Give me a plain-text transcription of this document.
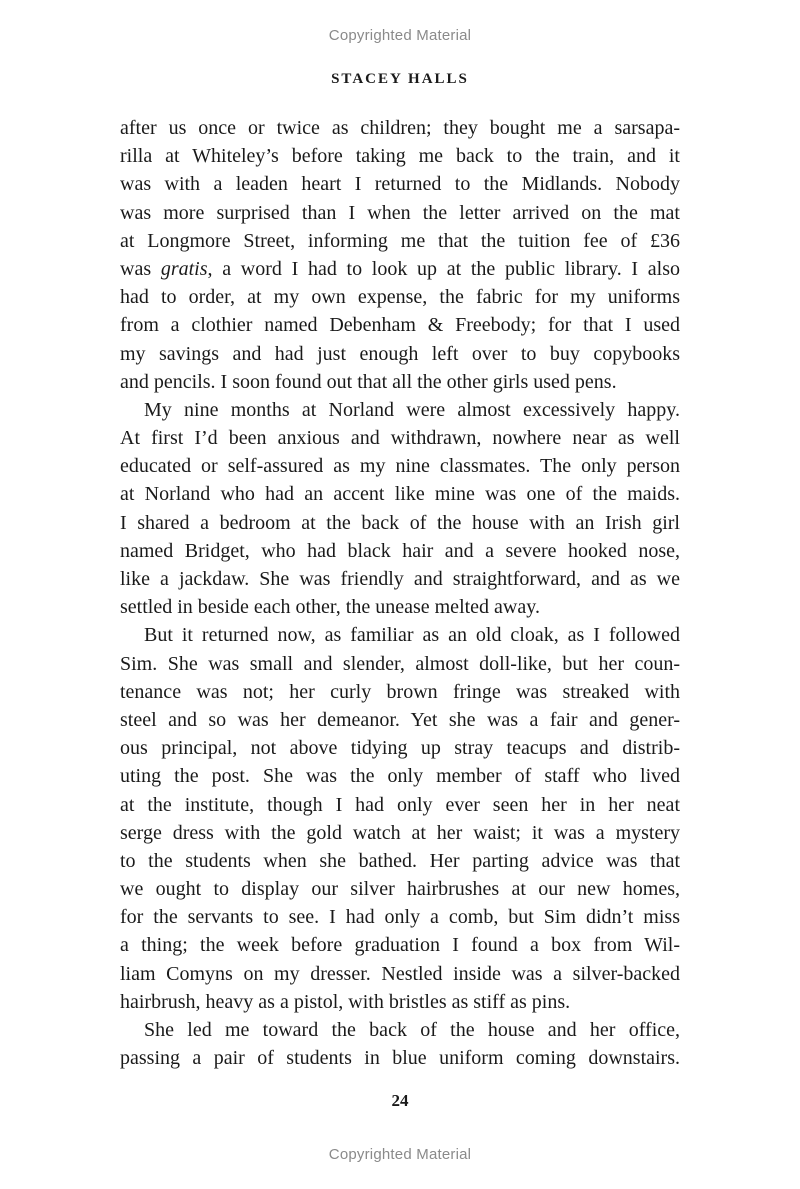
Copyrighted Material
STACEY HALLS
after us once or twice as children; they bought me a sarsapa-
rilla at Whiteley’s before taking me back to the train, and it
was with a leaden heart I returned to the Midlands. Nobody
was more surprised than I when the letter arrived on the mat
at Longmore Street, informing me that the tuition fee of £36
was gratis, a word I had to look up at the public library. I also
had to order, at my own expense, the fabric for my uniforms
from a clothier named Debenham & Freebody; for that I used
my savings and had just enough left over to buy copybooks
and pencils. I soon found out that all the other girls used pens.
My nine months at Norland were almost excessively happy.
At first I’d been anxious and withdrawn, nowhere near as well
educated or self-assured as my nine classmates. The only person
at Norland who had an accent like mine was one of the maids.
I shared a bedroom at the back of the house with an Irish girl
named Bridget, who had black hair and a severe hooked nose,
like a jackdaw. She was friendly and straightforward, and as we
settled in beside each other, the unease melted away.
But it returned now, as familiar as an old cloak, as I followed
Sim. She was small and slender, almost doll-like, but her coun-
tenance was not; her curly brown fringe was streaked with
steel and so was her demeanor. Yet she was a fair and gener-
ous principal, not above tidying up stray teacups and distrib-
uting the post. She was the only member of staff who lived
at the institute, though I had only ever seen her in her neat
serge dress with the gold watch at her waist; it was a mystery
to the students when she bathed. Her parting advice was that
we ought to display our silver hairbrushes at our new homes,
for the servants to see. I had only a comb, but Sim didn’t miss
a thing; the week before graduation I found a box from Wil-
liam Comyns on my dresser. Nestled inside was a silver-backed
hairbrush, heavy as a pistol, with bristles as stiff as pins.
She led me toward the back of the house and her office,
passing a pair of students in blue uniform coming downstairs.
24
Copyrighted Material
